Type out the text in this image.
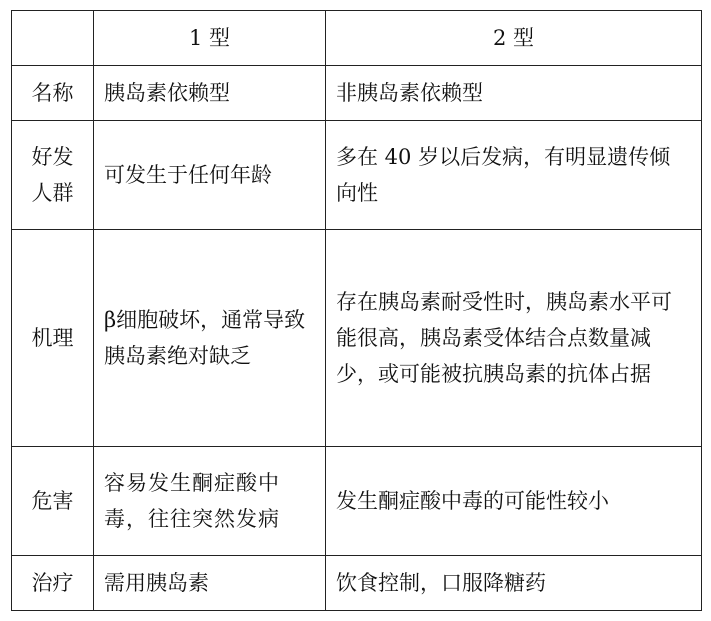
	1 型	2 型
名称	胰岛素依赖型	非胰岛素依赖型
好发人群	可发生于任何年龄	多在 40 岁以后发病，有明显遗传倾向性
机理	β细胞破坏，通常导致胰岛素绝对缺乏	存在胰岛素耐受性时，胰岛素水平可能很高，胰岛素受体结合点数量减少，或可能被抗胰岛素的抗体占据
危害	容易发生酮症酸中毒，往往突然发病	发生酮症酸中毒的可能性较小
治疗	需用胰岛素	饮食控制，口服降糖药
